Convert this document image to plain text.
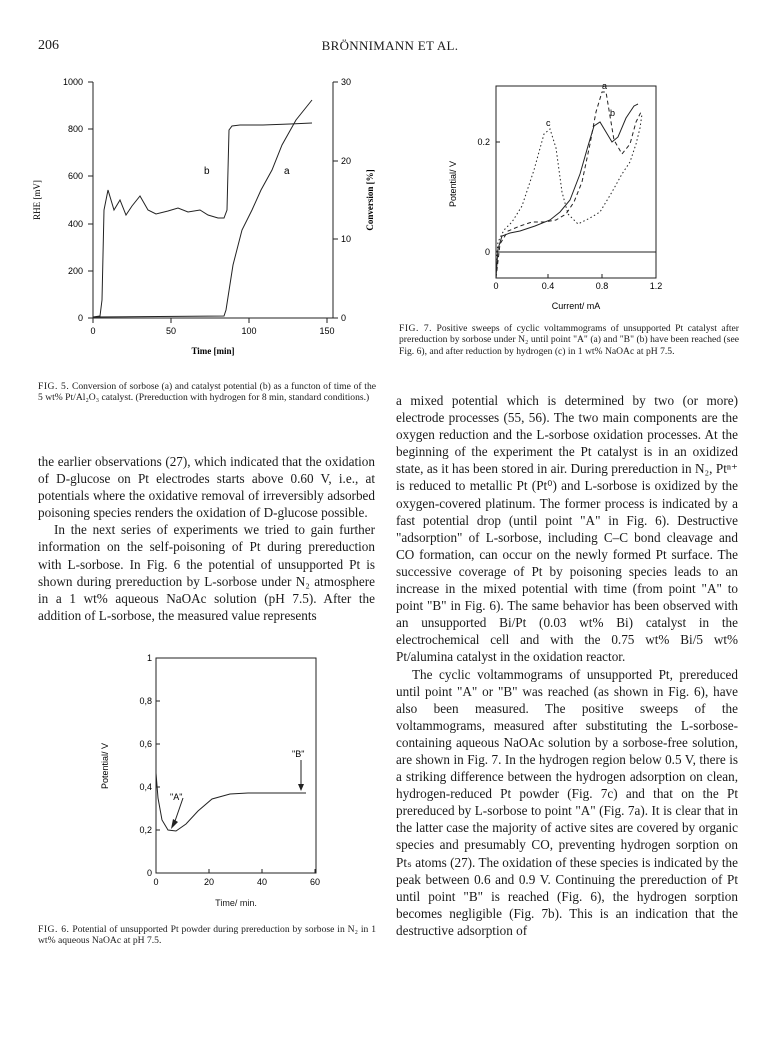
206	BRÖNNIMANN ET AL.
0
200
400
600
800
1000
0
10
20
30
0	50	100	150
Time [min]
RHE [mV]	Conversion [%]
b	a
FIG. 5. Conversion of sorbose (a) and catalyst potential (b) as a functon of time of the 5 wt% Pt/Al₂O₃ catalyst. (Prereduction with hydrogen for 8 min, standard conditions.)

the earlier observations (27), which indicated that the oxidation of D-glucose on Pt electrodes starts above 0.60 V, i.e., at potentials where the oxidative removal of irreversibly adsorbed poisoning species renders the oxidation of D-glucose possible.

In the next series of experiments we tried to gain further information on the self-poisoning of Pt during prereduction with L-sorbose. In Fig. 6 the potential of unsupported Pt is shown during prereduction by L-sorbose under N₂ atmosphere in a 1 wt% aqueous NaOAc solution (pH 7.5). After the addition of L-sorbose, the measured value represents

0
0,2
0,4
0,6
0,8
1
0	20	40	60
Potential/ V
"A"
"B"
Time/ min.
FIG. 6. Potential of unsupported Pt powder during prereduction by sorbose in N₂ in 1 wt% aqueous NaOAc at pH 7.5.
0
0.2
0	0.4	0.8	1.2
Current/ mA
Potential/ V
a
b
c
FIG. 7. Positive sweeps of cyclic voltammograms of unsupported Pt catalyst after prereduction by sorbose under N₂ until point "A" (a) and "B" (b) have been reached (see Fig. 6), and after reduction by hydrogen (c) in 1 wt% NaOAc at pH 7.5.

a mixed potential which is determined by two (or more) electrode processes (55, 56). The two main components are the oxygen reduction and the L-sorbose oxidation processes. At the beginning of the experiment the Pt catalyst is in an oxidized state, as it has been stored in air. During prereduction in N₂, Ptⁿ⁺ is reduced to metallic Pt (Pt⁰) and L-sorbose is oxidized by the oxygen-covered platinum. The former process is indicated by a fast potential drop (until point "A" in Fig. 6). Destructive "adsorption" of L-sorbose, including C–C bond cleavage and CO formation, can occur on the newly formed Pt surface. The successive coverage of Pt by poisoning species leads to an increase in the mixed potential with time (from point "A" to point "B" in Fig. 6). The same behavior has been observed with an unsupported Bi/Pt (0.03 wt% Bi) catalyst in the electrochemical cell and with the 0.75 wt% Bi/5 wt% Pt/alumina catalyst in the oxidation reactor.

The cyclic voltammograms of unsupported Pt, prereduced until point "A" or "B" was reached (as shown in Fig. 6), have also been measured. The positive sweeps of the voltammograms, measured after substituting the L-sorbose-containing aqueous NaOAc solution by a sorbose-free solution, are shown in Fig. 7. In the hydrogen region below 0.5 V, there is a striking difference between the hydrogen adsorption on clean, hydrogen-reduced Pt powder (Fig. 7c) and that on the Pt prereduced by L-sorbose to point "A" (Fig. 7a). It is clear that in the latter case the majority of active sites are covered by organic species and presumably CO, preventing hydrogen sorption on Ptₛ atoms (27). The oxidation of these species is indicated by the peak between 0.6 and 0.9 V. Continuing the prereduction of Pt until point "B" is reached (Fig. 6), the hydrogen sorption becomes negligible (Fig. 7b). This is an indication that the destructive adsorption of
